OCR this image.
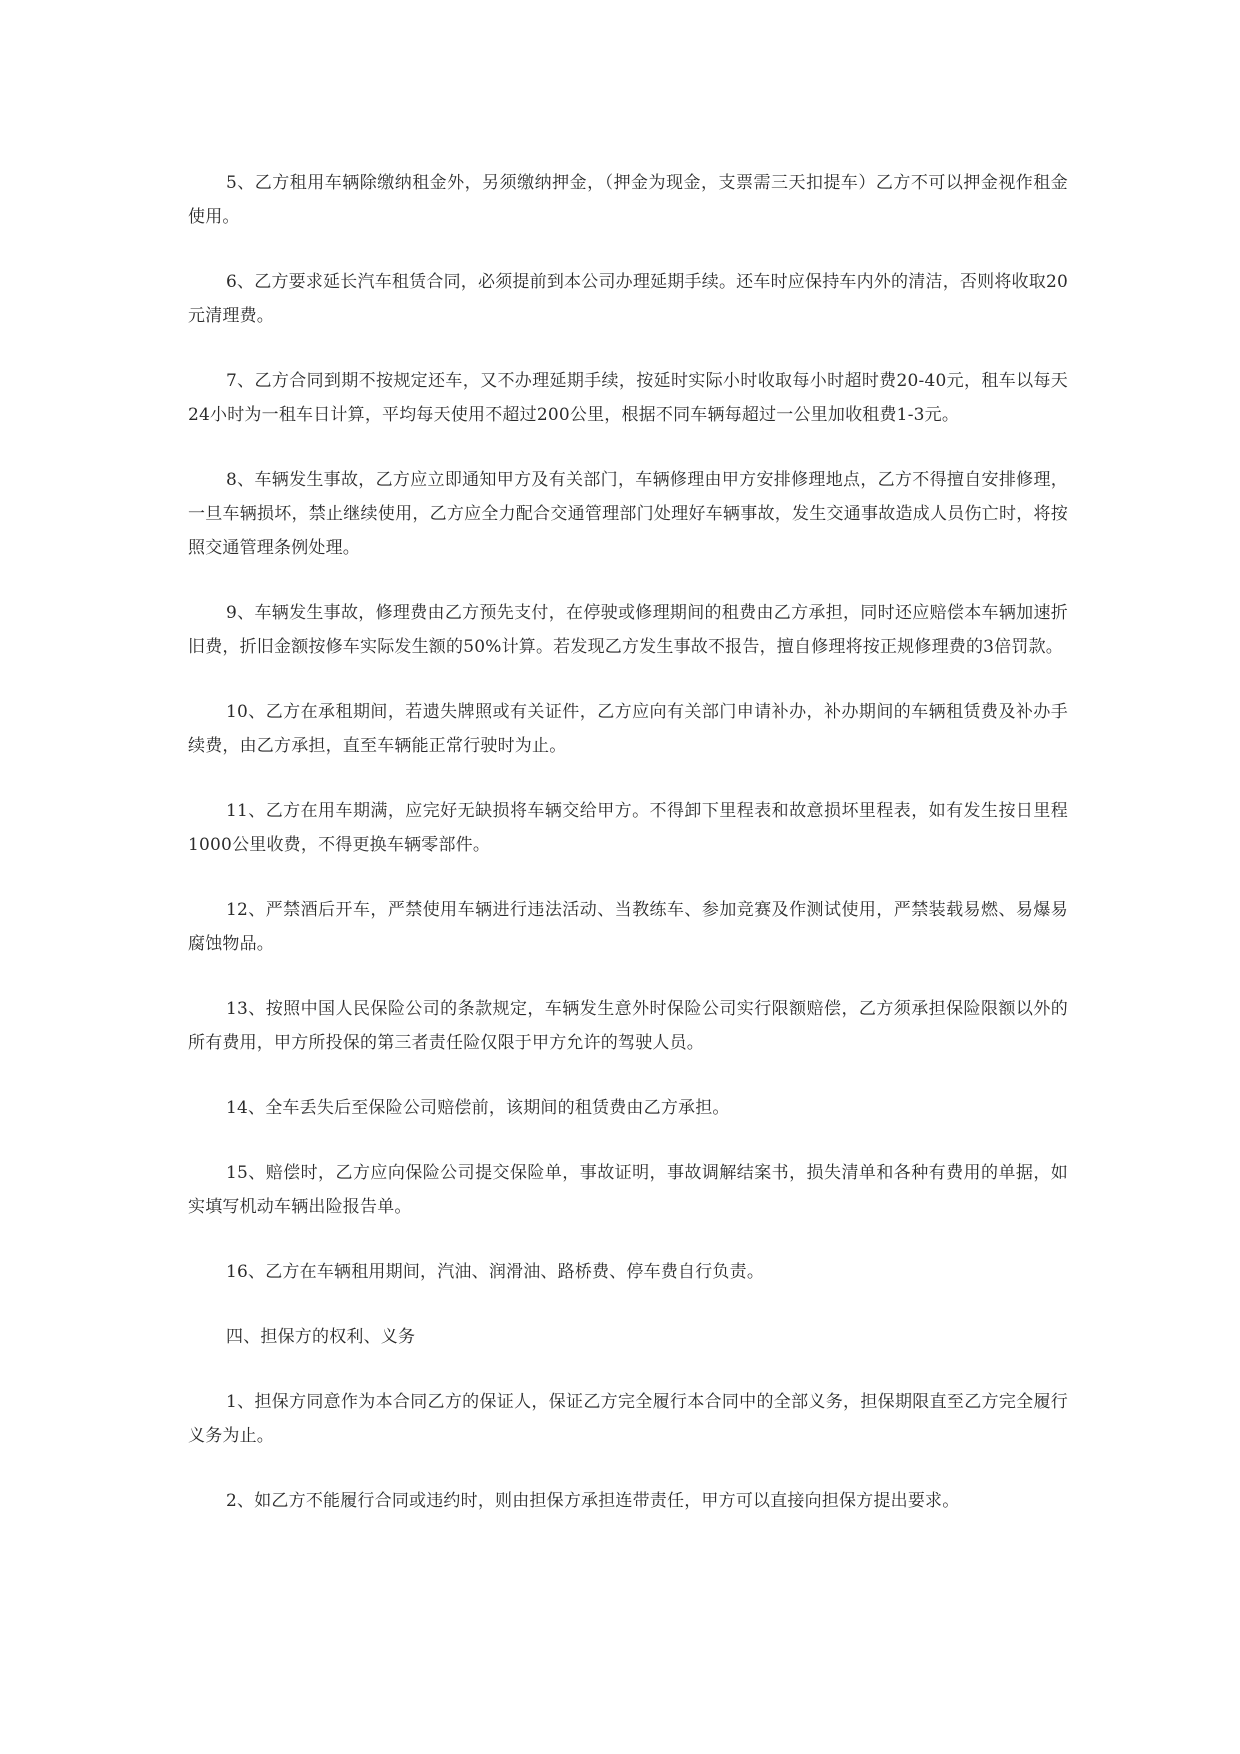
5、乙方租用车辆除缴纳租金外，另须缴纳押金，（押金为现金，支票需三天扣提车）乙方不可以押金视作租金使用。

6、乙方要求延长汽车租赁合同，必须提前到本公司办理延期手续。还车时应保持车内外的清洁，否则将收取20元清理费。

7、乙方合同到期不按规定还车，又不办理延期手续，按延时实际小时收取每小时超时费20-40元，租车以每天24小时为一租车日计算，平均每天使用不超过200公里，根据不同车辆每超过一公里加收租费1-3元。

8、车辆发生事故，乙方应立即通知甲方及有关部门，车辆修理由甲方安排修理地点，乙方不得擅自安排修理，一旦车辆损坏，禁止继续使用，乙方应全力配合交通管理部门处理好车辆事故，发生交通事故造成人员伤亡时，将按照交通管理条例处理。

9、车辆发生事故，修理费由乙方预先支付，在停驶或修理期间的租费由乙方承担，同时还应赔偿本车辆加速折旧费，折旧金额按修车实际发生额的50%计算。若发现乙方发生事故不报告，擅自修理将按正规修理费的3倍罚款。

10、乙方在承租期间，若遗失牌照或有关证件，乙方应向有关部门申请补办，补办期间的车辆租赁费及补办手续费，由乙方承担，直至车辆能正常行驶时为止。

11、乙方在用车期满，应完好无缺损将车辆交给甲方。不得卸下里程表和故意损坏里程表，如有发生按日里程1000公里收费，不得更换车辆零部件。

12、严禁酒后开车，严禁使用车辆进行违法活动、当教练车、参加竞赛及作测试使用，严禁装载易燃、易爆易腐蚀物品。

13、按照中国人民保险公司的条款规定，车辆发生意外时保险公司实行限额赔偿，乙方须承担保险限额以外的所有费用，甲方所投保的第三者责任险仅限于甲方允许的驾驶人员。

14、全车丢失后至保险公司赔偿前，该期间的租赁费由乙方承担。

15、赔偿时，乙方应向保险公司提交保险单，事故证明，事故调解结案书，损失清单和各种有费用的单据，如实填写机动车辆出险报告单。

16、乙方在车辆租用期间，汽油、润滑油、路桥费、停车费自行负责。

四、担保方的权利、义务

1、担保方同意作为本合同乙方的保证人，保证乙方完全履行本合同中的全部义务，担保期限直至乙方完全履行义务为止。

2、如乙方不能履行合同或违约时，则由担保方承担连带责任，甲方可以直接向担保方提出要求。
